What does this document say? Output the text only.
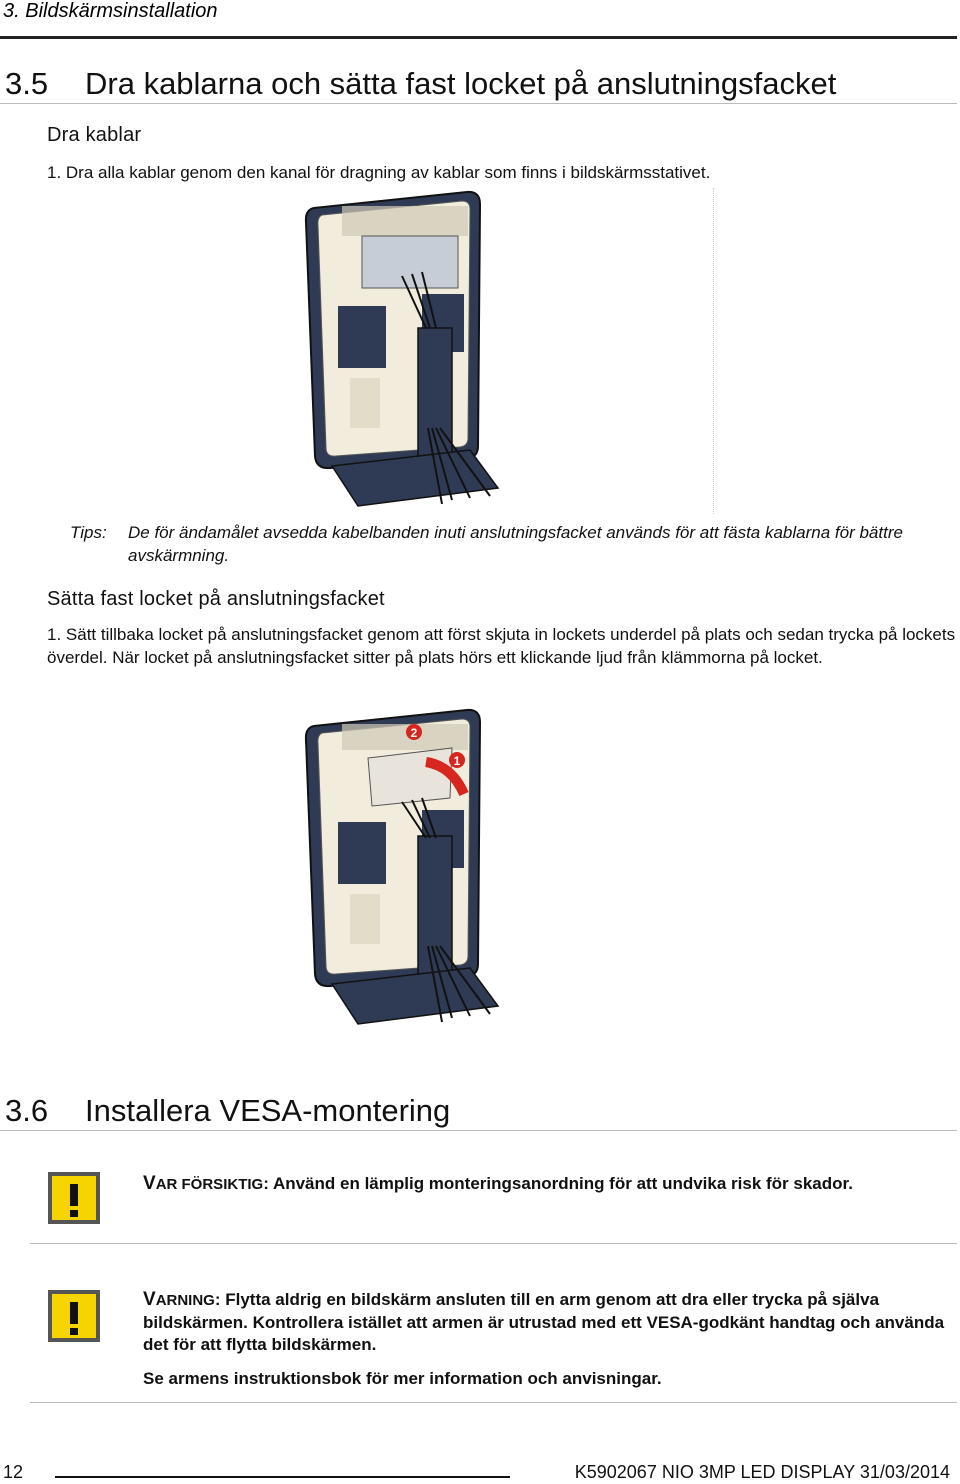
3. Bildskärmsinstallation
3.5 Dra kablarna och sätta fast locket på anslutningsfacket
Dra kablar
1. Dra alla kablar genom den kanal för dragning av kablar som finns i bildskärmsstativet.
Tips: De för ändamålet avsedda kabelbanden inuti anslutningsfacket används för att fästa kablarna för bättre avskärmning.
Sätta fast locket på anslutningsfacket
1. Sätt tillbaka locket på anslutningsfacket genom att först skjuta in lockets underdel på plats och sedan trycka på lockets överdel. När locket på anslutningsfacket sitter på plats hörs ett klickande ljud från klämmorna på locket.
2
1
3.6 Installera VESA-montering

VAR FÖRSIKTIG: Använd en lämplig monteringsanordning för att undvika risk för skador.

VARNING: Flytta aldrig en bildskärm ansluten till en arm genom att dra eller trycka på själva bildskärmen. Kontrollera istället att armen är utrustad med ett VESA-godkänt handtag och använda det för att flytta bildskärmen.

Se armens instruktionsbok för mer information och anvisningar.

12	K5902067 NIO 3MP LED DISPLAY 31/03/2014
